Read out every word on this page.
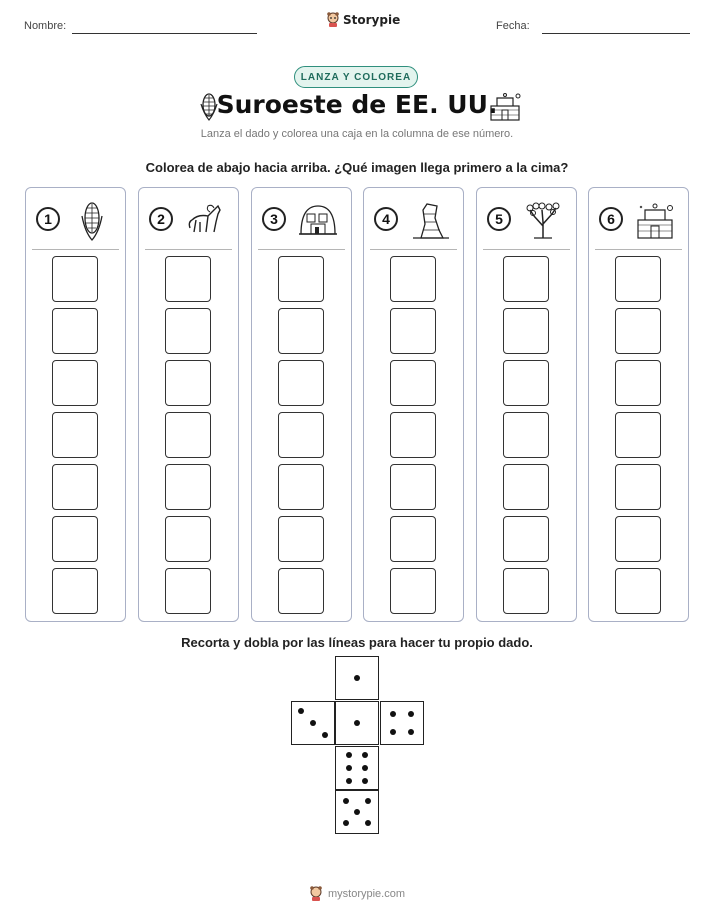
Nombre:	Storypie	Fecha:
LANZA Y COLOREA
Suroeste de EE. UU.
Lanza el dado y colorea una caja en la columna de ese número.
Colorea de abajo hacia arriba. ¿Qué imagen llega primero a la cima?
1	2	3	4	5	6
Recorta y dobla por las líneas para hacer tu propio dado.
mystorypie.com
